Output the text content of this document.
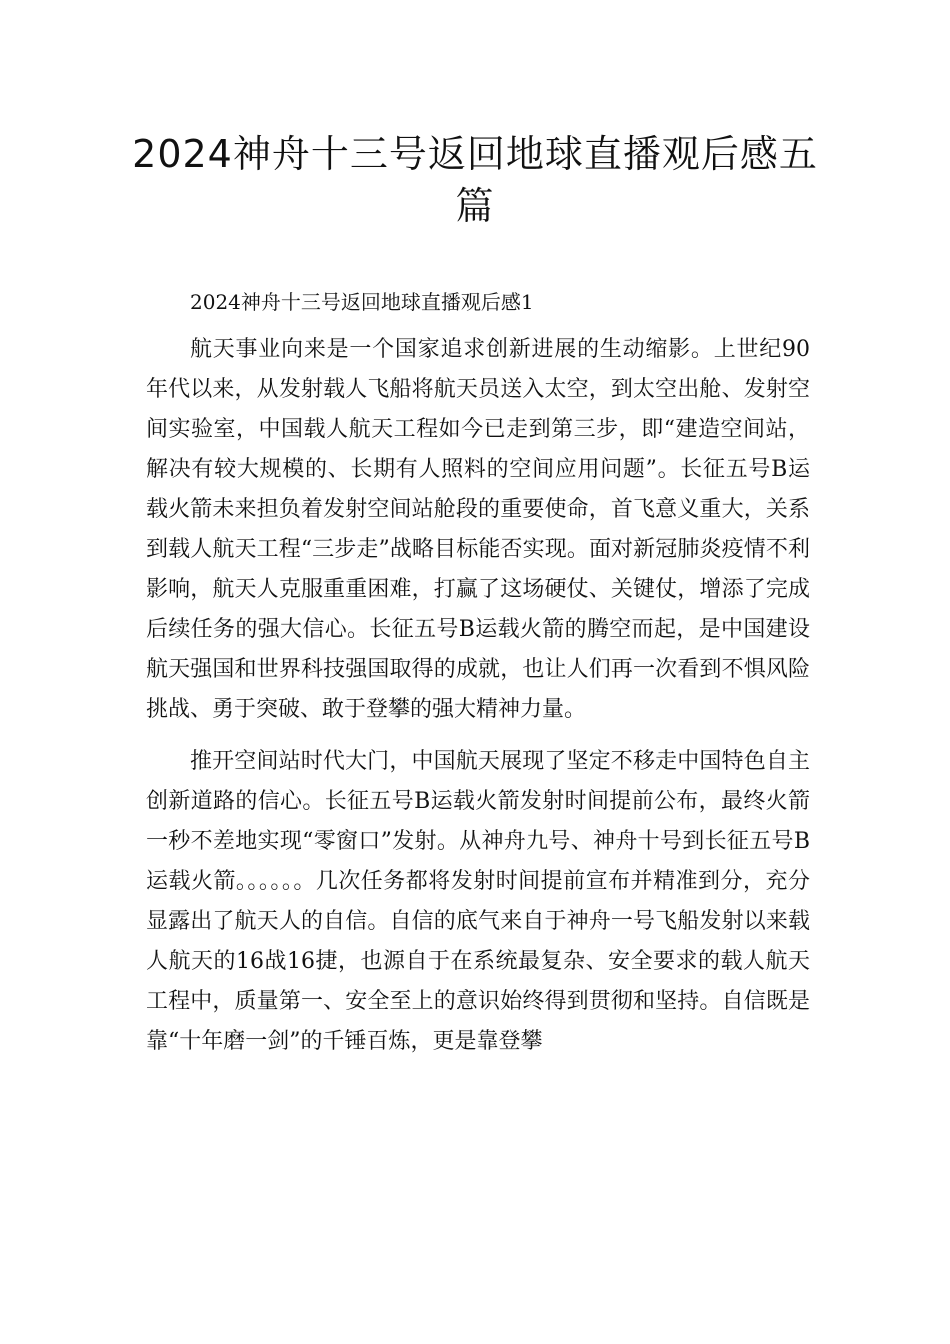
2024神舟十三号返回地球直播观后感五篇

2024神舟十三号返回地球直播观后感1

航天事业向来是一个国家追求创新进展的生动缩影。上世纪90年代以来，从发射载人飞船将航天员送入太空，到太空出舱、发射空间实验室，中国载人航天工程如今已走到第三步，即“建造空间站，解决有较大规模的、长期有人照料的空间应用问题”。长征五号B运载火箭未来担负着发射空间站舱段的重要使命，首飞意义重大，关系到载人航天工程“三步走”战略目标能否实现。面对新冠肺炎疫情不利影响，航天人克服重重困难，打赢了这场硬仗、关键仗，增添了完成后续任务的强大信心。长征五号B运载火箭的腾空而起，是中国建设航天强国和世界科技强国取得的成就，也让人们再一次看到不惧风险挑战、勇于突破、敢于登攀的强大精神力量。

推开空间站时代大门，中国航天展现了坚定不移走中国特色自主创新道路的信心。长征五号B运载火箭发射时间提前公布，最终火箭一秒不差地实现“零窗口”发射。从神舟九号、神舟十号到长征五号B运载火箭。。。。。。几次任务都将发射时间提前宣布并精准到分，充分显露出了航天人的自信。自信的底气来自于神舟一号飞船发射以来载人航天的16战16捷，也源自于在系统最复杂、安全要求的载人航天工程中，质量第一、安全至上的意识始终得到贯彻和坚持。自信既是靠“十年磨一剑”的千锤百炼，更是靠登攀
